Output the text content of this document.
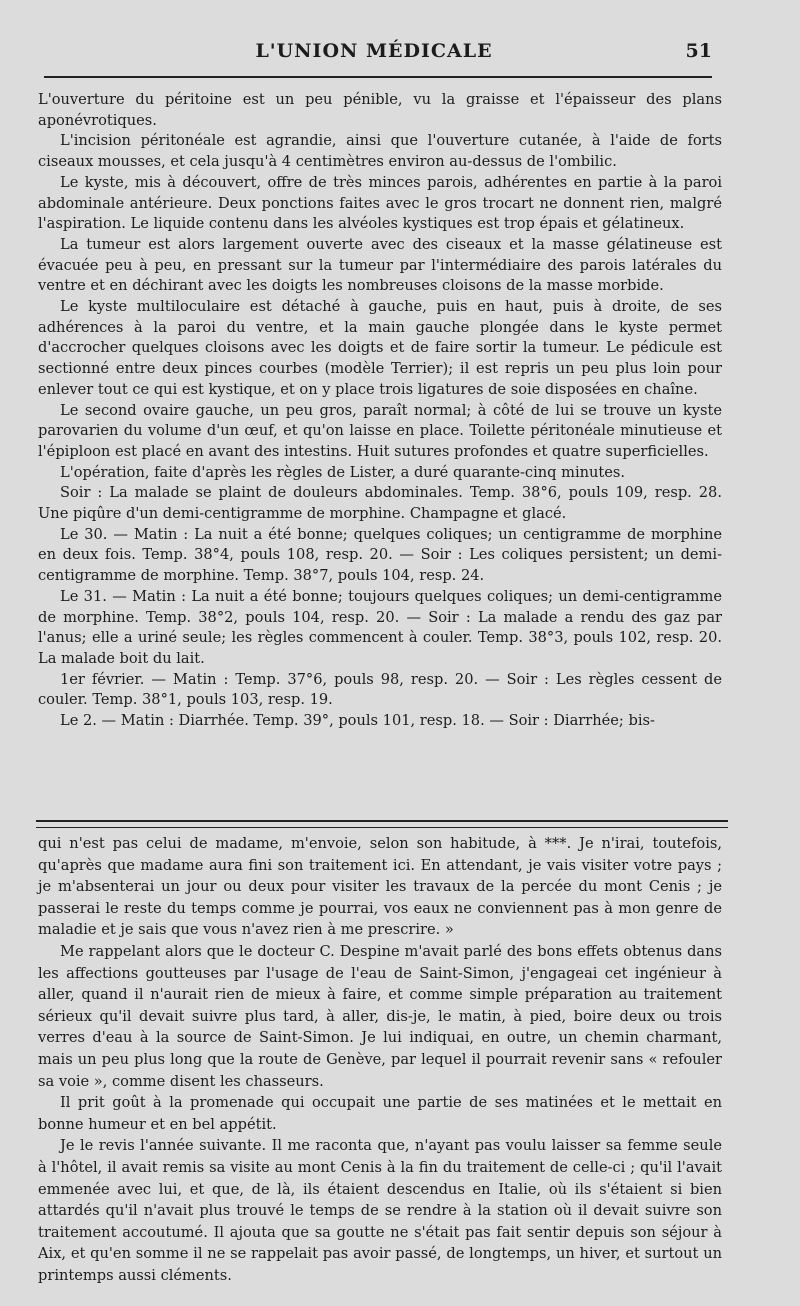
L'UNION MÉDICALE	51

L'ouverture du péritoine est un peu pénible, vu la graisse et l'épaisseur des plans aponévrotiques.

L'incision péritonéale est agrandie, ainsi que l'ouverture cutanée, à l'aide de forts ciseaux mousses, et cela jusqu'à 4 centimètres environ au-dessus de l'ombilic.

Le kyste, mis à découvert, offre de très minces parois, adhérentes en partie à la paroi abdominale antérieure. Deux ponctions faites avec le gros trocart ne donnent rien, malgré l'aspiration. Le liquide contenu dans les alvéoles kystiques est trop épais et gélatineux.

La tumeur est alors largement ouverte avec des ciseaux et la masse gélatineuse est évacuée peu à peu, en pressant sur la tumeur par l'intermédiaire des parois latérales du ventre et en déchirant avec les doigts les nombreuses cloisons de la masse morbide.

Le kyste multiloculaire est détaché à gauche, puis en haut, puis à droite, de ses adhérences à la paroi du ventre, et la main gauche plongée dans le kyste permet d'accrocher quelques cloisons avec les doigts et de faire sortir la tumeur. Le pédicule est sectionné entre deux pinces courbes (modèle Terrier); il est repris un peu plus loin pour enlever tout ce qui est kystique, et on y place trois ligatures de soie disposées en chaîne.

Le second ovaire gauche, un peu gros, paraît normal; à côté de lui se trouve un kyste parovarien du volume d'un œuf, et qu'on laisse en place. Toilette péritonéale minutieuse et l'épiploon est placé en avant des intestins. Huit sutures profondes et quatre superficielles.

L'opération, faite d'après les règles de Lister, a duré quarante-cinq minutes.

Soir : La malade se plaint de douleurs abdominales. Temp. 38°6, pouls 109, resp. 28. Une piqûre d'un demi-centigramme de morphine. Champagne et glacé.

Le 30. — Matin : La nuit a été bonne; quelques coliques; un centigramme de morphine en deux fois. Temp. 38°4, pouls 108, resp. 20. — Soir : Les coliques persistent; un demi-centigramme de morphine. Temp. 38°7, pouls 104, resp. 24.

Le 31. — Matin : La nuit a été bonne; toujours quelques coliques; un demi-centigramme de morphine. Temp. 38°2, pouls 104, resp. 20. — Soir : La malade a rendu des gaz par l'anus; elle a uriné seule; les règles commencent à couler. Temp. 38°3, pouls 102, resp. 20. La malade boit du lait.

1er février. — Matin : Temp. 37°6, pouls 98, resp. 20. — Soir : Les règles cessent de couler. Temp. 38°1, pouls 103, resp. 19.

Le 2. — Matin : Diarrhée. Temp. 39°, pouls 101, resp. 18. — Soir : Diarrhée; bis-

qui n'est pas celui de madame, m'envoie, selon son habitude, à ***. Je n'irai, toutefois, qu'après que madame aura fini son traitement ici. En attendant, je vais visiter votre pays ; je m'absenterai un jour ou deux pour visiter les travaux de la percée du mont Cenis ; je passerai le reste du temps comme je pourrai, vos eaux ne conviennent pas à mon genre de maladie et je sais que vous n'avez rien à me prescrire. »

Me rappelant alors que le docteur C. Despine m'avait parlé des bons effets obtenus dans les affections goutteuses par l'usage de l'eau de Saint-Simon, j'engageai cet ingénieur à aller, quand il n'aurait rien de mieux à faire, et comme simple préparation au traitement sérieux qu'il devait suivre plus tard, à aller, dis-je, le matin, à pied, boire deux ou trois verres d'eau à la source de Saint-Simon. Je lui indiquai, en outre, un chemin charmant, mais un peu plus long que la route de Genève, par lequel il pourrait revenir sans « refouler sa voie », comme disent les chasseurs.

Il prit goût à la promenade qui occupait une partie de ses matinées et le mettait en bonne humeur et en bel appétit.

Je le revis l'année suivante. Il me raconta que, n'ayant pas voulu laisser sa femme seule à l'hôtel, il avait remis sa visite au mont Cenis à la fin du traitement de celle-ci ; qu'il l'avait emmenée avec lui, et que, de là, ils étaient descendus en Italie, où ils s'étaient si bien attardés qu'il n'avait plus trouvé le temps de se rendre à la station où il devait suivre son traitement accoutumé. Il ajouta que sa goutte ne s'était pas fait sentir depuis son séjour à Aix, et qu'en somme il ne se rappelait pas avoir passé, de longtemps, un hiver, et surtout un printemps aussi cléments.
